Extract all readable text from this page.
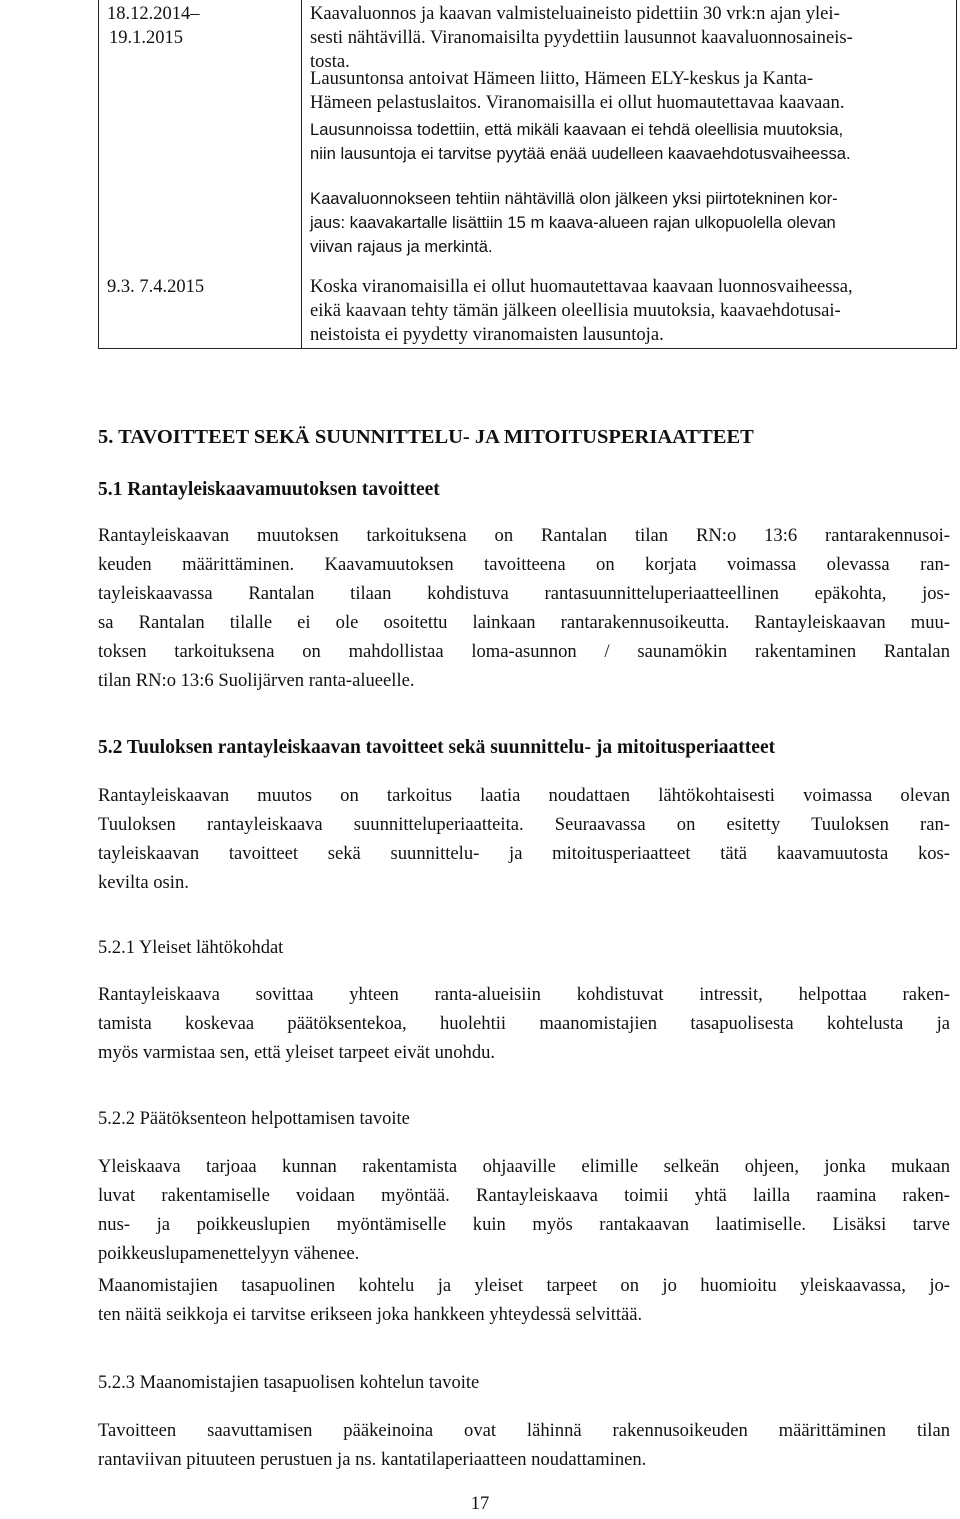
18.12.2014–
19.1.2015
Kaavaluonnos ja kaavan valmisteluaineisto pidettiin 30 vrk:n ajan ylei-
sesti nähtävillä. Viranomaisilta pyydettiin lausunnot kaavaluonnosaineis-
tosta.
Lausuntonsa antoivat Hämeen liitto, Hämeen ELY-keskus ja Kanta-
Hämeen pelastuslaitos. Viranomaisilla ei ollut huomautettavaa kaavaan.
Lausunnoissa todettiin, että mikäli kaavaan ei tehdä oleellisia muutoksia,
niin lausuntoja ei tarvitse pyytää enää uudelleen kaavaehdotusvaiheessa.
Kaavaluonnokseen tehtiin nähtävillä olon jälkeen yksi piirtotekninen kor-
jaus: kaavakartalle lisättiin 15 m kaava-alueen rajan ulkopuolella olevan
viivan rajaus ja merkintä.
9.3. 7.4.2015	Koska viranomaisilla ei ollut huomautettavaa kaavaan luonnosvaiheessa,
eikä kaavaan tehty tämän jälkeen oleellisia muutoksia, kaavaehdotusai-
neistoista ei pyydetty viranomaisten lausuntoja.
5. TAVOITTEET SEKÄ SUUNNITTELU- JA MITOITUSPERIAATTEET
5.1 Rantayleiskaavamuutoksen tavoitteet
Rantayleiskaavan muutoksen tarkoituksena on Rantalan tilan RN:o 13:6 rantarakennusoi-
keuden määrittäminen. Kaavamuutoksen tavoitteena on korjata voimassa olevassa ran-
tayleiskaavassa Rantalan tilaan kohdistuva rantasuunnitteluperiaatteellinen epäkohta, jos-
sa Rantalan tilalle ei ole osoitettu lainkaan rantarakennusoikeutta. Rantayleiskaavan muu-
toksen tarkoituksena on mahdollistaa loma-asunnon / saunamökin rakentaminen Rantalan
tilan RN:o 13:6 Suolijärven ranta-alueelle.
5.2 Tuuloksen rantayleiskaavan tavoitteet sekä suunnittelu- ja mitoitusperiaatteet
Rantayleiskaavan muutos on tarkoitus laatia noudattaen lähtökohtaisesti voimassa olevan
Tuuloksen rantayleiskaava suunnitteluperiaatteita. Seuraavassa on esitetty Tuuloksen ran-
tayleiskaavan tavoitteet sekä suunnittelu- ja mitoitusperiaatteet tätä kaavamuutosta kos-
kevilta osin.
5.2.1 Yleiset lähtökohdat
Rantayleiskaava sovittaa yhteen ranta-alueisiin kohdistuvat intressit, helpottaa raken-
tamista koskevaa päätöksentekoa, huolehtii maanomistajien tasapuolisesta kohtelusta ja
myös varmistaa sen, että yleiset tarpeet eivät unohdu.
5.2.2 Päätöksenteon helpottamisen tavoite
Yleiskaava tarjoaa kunnan rakentamista ohjaaville elimille selkeän ohjeen, jonka mukaan
luvat rakentamiselle voidaan myöntää. Rantayleiskaava toimii yhtä lailla raamina raken-
nus- ja poikkeuslupien myöntämiselle kuin myös rantakaavan laatimiselle. Lisäksi tarve
poikkeuslupamenettelyyn vähenee.
Maanomistajien tasapuolinen kohtelu ja yleiset tarpeet on jo huomioitu yleiskaavassa, jo-
ten näitä seikkoja ei tarvitse erikseen joka hankkeen yhteydessä selvittää.
5.2.3 Maanomistajien tasapuolisen kohtelun tavoite
Tavoitteen saavuttamisen pääkeinoina ovat lähinnä rakennusoikeuden määrittäminen tilan
rantaviivan pituuteen perustuen ja ns. kantatilaperiaatteen noudattaminen.
17
